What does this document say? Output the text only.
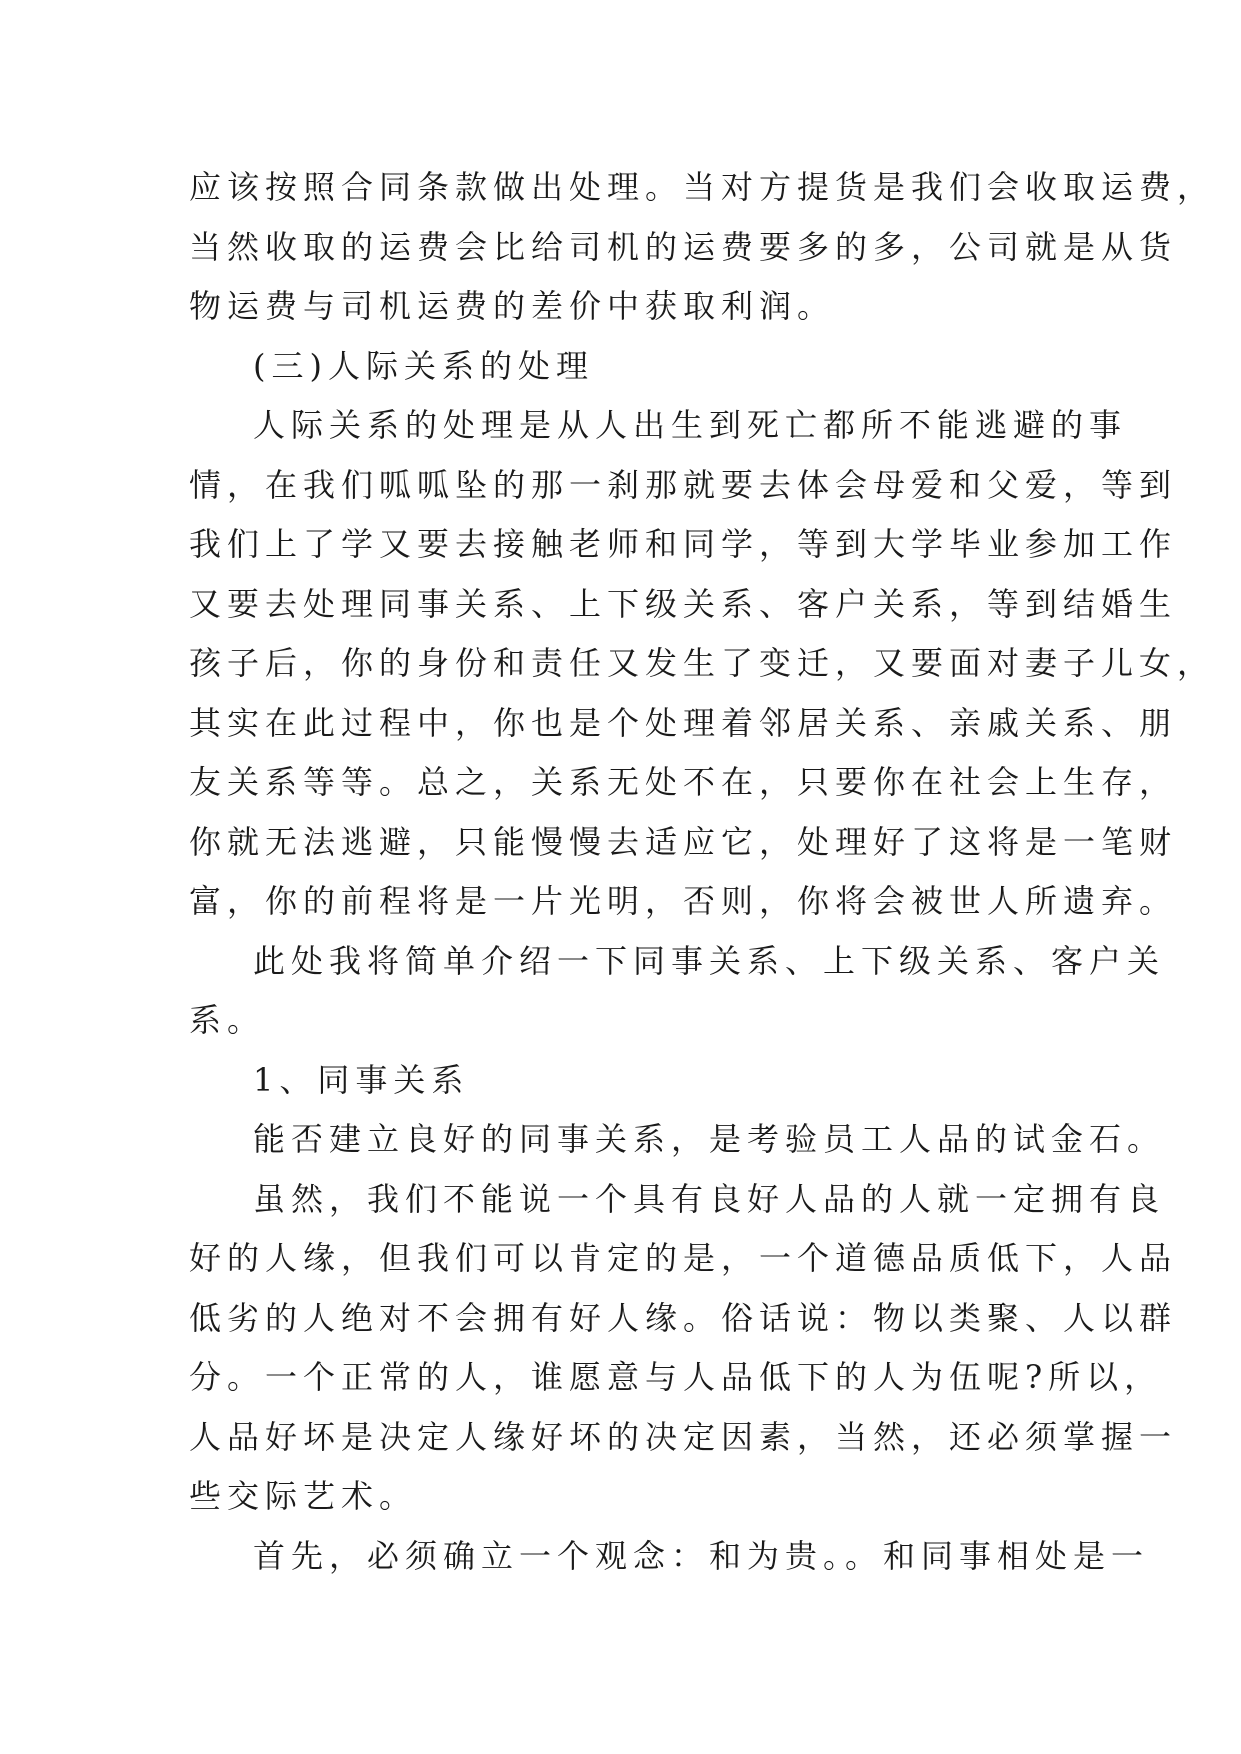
应该按照合同条款做出处理。当对方提货是我们会收取运费，
当然收取的运费会比给司机的运费要多的多，公司就是从货
物运费与司机运费的差价中获取利润。
(三)人际关系的处理
人际关系的处理是从人出生到死亡都所不能逃避的事
情，在我们呱呱坠的那一刹那就要去体会母爱和父爱，等到
我们上了学又要去接触老师和同学，等到大学毕业参加工作
又要去处理同事关系、上下级关系、客户关系，等到结婚生
孩子后，你的身份和责任又发生了变迁，又要面对妻子儿女，
其实在此过程中，你也是个处理着邻居关系、亲戚关系、朋
友关系等等。总之，关系无处不在，只要你在社会上生存，
你就无法逃避，只能慢慢去适应它，处理好了这将是一笔财
富，你的前程将是一片光明，否则，你将会被世人所遗弃。
此处我将简单介绍一下同事关系、上下级关系、客户关
系。
1、同事关系
能否建立良好的同事关系，是考验员工人品的试金石。
虽然，我们不能说一个具有良好人品的人就一定拥有良
好的人缘，但我们可以肯定的是，一个道德品质低下，人品
低劣的人绝对不会拥有好人缘。俗话说：物以类聚、人以群
分。一个正常的人，谁愿意与人品低下的人为伍呢?所以，
人品好坏是决定人缘好坏的决定因素，当然，还必须掌握一
些交际艺术。
首先，必须确立一个观念：和为贵。。和同事相处是一
